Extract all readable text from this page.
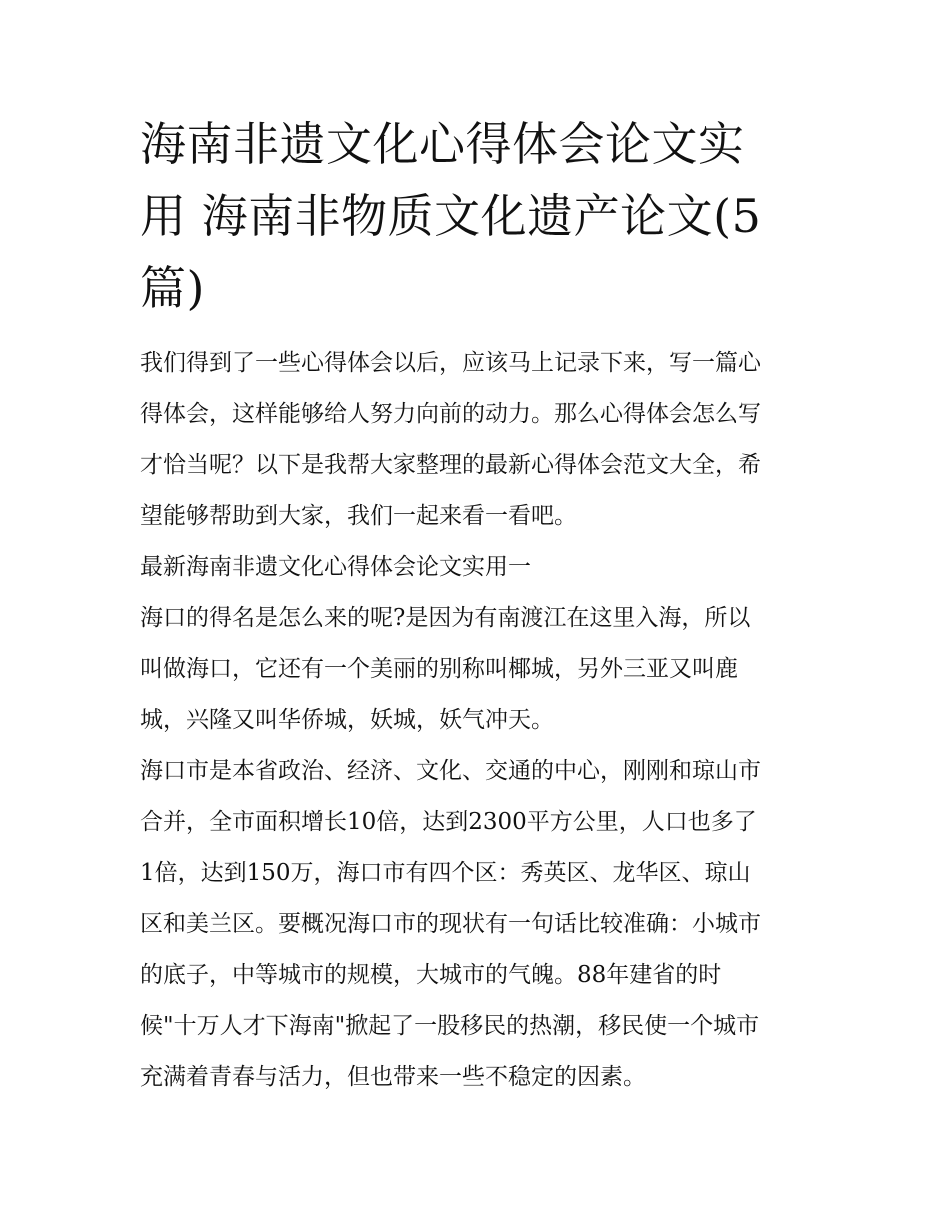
海南非遗文化心得体会论文实
用 海南非物质文化遗产论文(5
篇)

我们得到了一些心得体会以后，应该马上记录下来，写一篇心
得体会，这样能够给人努力向前的动力。那么心得体会怎么写
才恰当呢？以下是我帮大家整理的最新心得体会范文大全，希
望能够帮助到大家，我们一起来看一看吧。

最新海南非遗文化心得体会论文实用一

海口的得名是怎么来的呢?是因为有南渡江在这里入海，所以
叫做海口，它还有一个美丽的别称叫椰城，另外三亚又叫鹿
城，兴隆又叫华侨城，妖城，妖气冲天。

海口市是本省政治、经济、文化、交通的中心，刚刚和琼山市
合并，全市面积增长10倍，达到2300平方公里，人口也多了
1倍，达到150万，海口市有四个区：秀英区、龙华区、琼山
区和美兰区。要概况海口市的现状有一句话比较准确：小城市
的底子，中等城市的规模，大城市的气魄。88年建省的时
候"十万人才下海南"掀起了一股移民的热潮，移民使一个城市
充满着青春与活力，但也带来一些不稳定的因素。
